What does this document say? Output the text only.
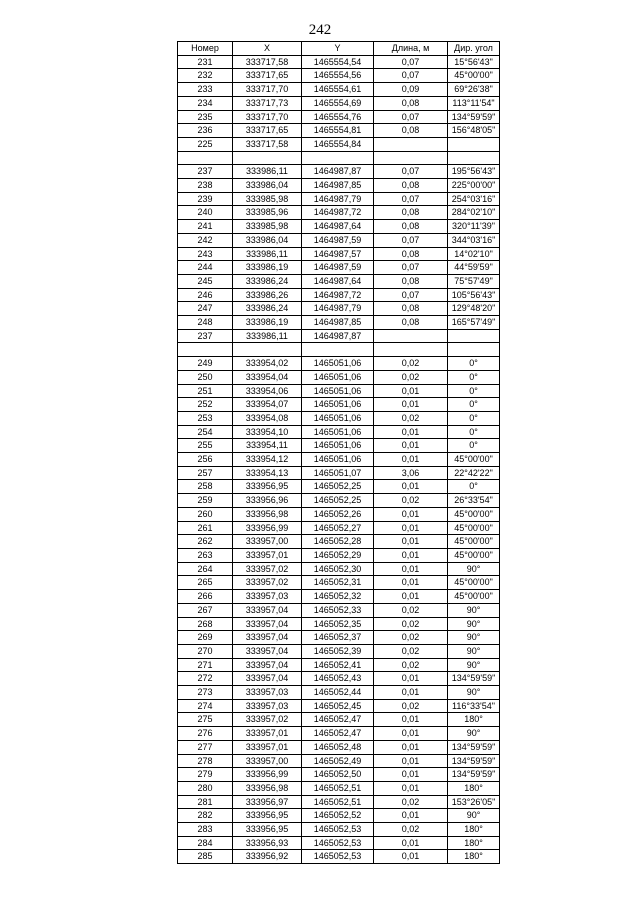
242
Номер	X	Y	Длина, м	Дир. угол
231	333717,58	1465554,54	0,07	15°56'43"
232	333717,65	1465554,56	0,07	45°00'00"
233	333717,70	1465554,61	0,09	69°26'38"
234	333717,73	1465554,69	0,08	113°11'54"
235	333717,70	1465554,76	0,07	134°59'59"
236	333717,65	1465554,81	0,08	156°48'05"
225	333717,58	1465554,84		

237	333986,11	1464987,87	0,07	195°56'43"
238	333986,04	1464987,85	0,08	225°00'00"
239	333985,98	1464987,79	0,07	254°03'16"
240	333985,96	1464987,72	0,08	284°02'10"
241	333985,98	1464987,64	0,08	320°11'39"
242	333986,04	1464987,59	0,07	344°03'16"
243	333986,11	1464987,57	0,08	14°02'10"
244	333986,19	1464987,59	0,07	44°59'59"
245	333986,24	1464987,64	0,08	75°57'49"
246	333986,26	1464987,72	0,07	105°56'43"
247	333986,24	1464987,79	0,08	129°48'20"
248	333986,19	1464987,85	0,08	165°57'49"
237	333986,11	1464987,87		

249	333954,02	1465051,06	0,02	0°
250	333954,04	1465051,06	0,02	0°
251	333954,06	1465051,06	0,01	0°
252	333954,07	1465051,06	0,01	0°
253	333954,08	1465051,06	0,02	0°
254	333954,10	1465051,06	0,01	0°
255	333954,11	1465051,06	0,01	0°
256	333954,12	1465051,06	0,01	45°00'00"
257	333954,13	1465051,07	3,06	22°42'22"
258	333956,95	1465052,25	0,01	0°
259	333956,96	1465052,25	0,02	26°33'54"
260	333956,98	1465052,26	0,01	45°00'00"
261	333956,99	1465052,27	0,01	45°00'00"
262	333957,00	1465052,28	0,01	45°00'00"
263	333957,01	1465052,29	0,01	45°00'00"
264	333957,02	1465052,30	0,01	90°
265	333957,02	1465052,31	0,01	45°00'00"
266	333957,03	1465052,32	0,01	45°00'00"
267	333957,04	1465052,33	0,02	90°
268	333957,04	1465052,35	0,02	90°
269	333957,04	1465052,37	0,02	90°
270	333957,04	1465052,39	0,02	90°
271	333957,04	1465052,41	0,02	90°
272	333957,04	1465052,43	0,01	134°59'59"
273	333957,03	1465052,44	0,01	90°
274	333957,03	1465052,45	0,02	116°33'54"
275	333957,02	1465052,47	0,01	180°
276	333957,01	1465052,47	0,01	90°
277	333957,01	1465052,48	0,01	134°59'59"
278	333957,00	1465052,49	0,01	134°59'59"
279	333956,99	1465052,50	0,01	134°59'59"
280	333956,98	1465052,51	0,01	180°
281	333956,97	1465052,51	0,02	153°26'05"
282	333956,95	1465052,52	0,01	90°
283	333956,95	1465052,53	0,02	180°
284	333956,93	1465052,53	0,01	180°
285	333956,92	1465052,53	0,01	180°
